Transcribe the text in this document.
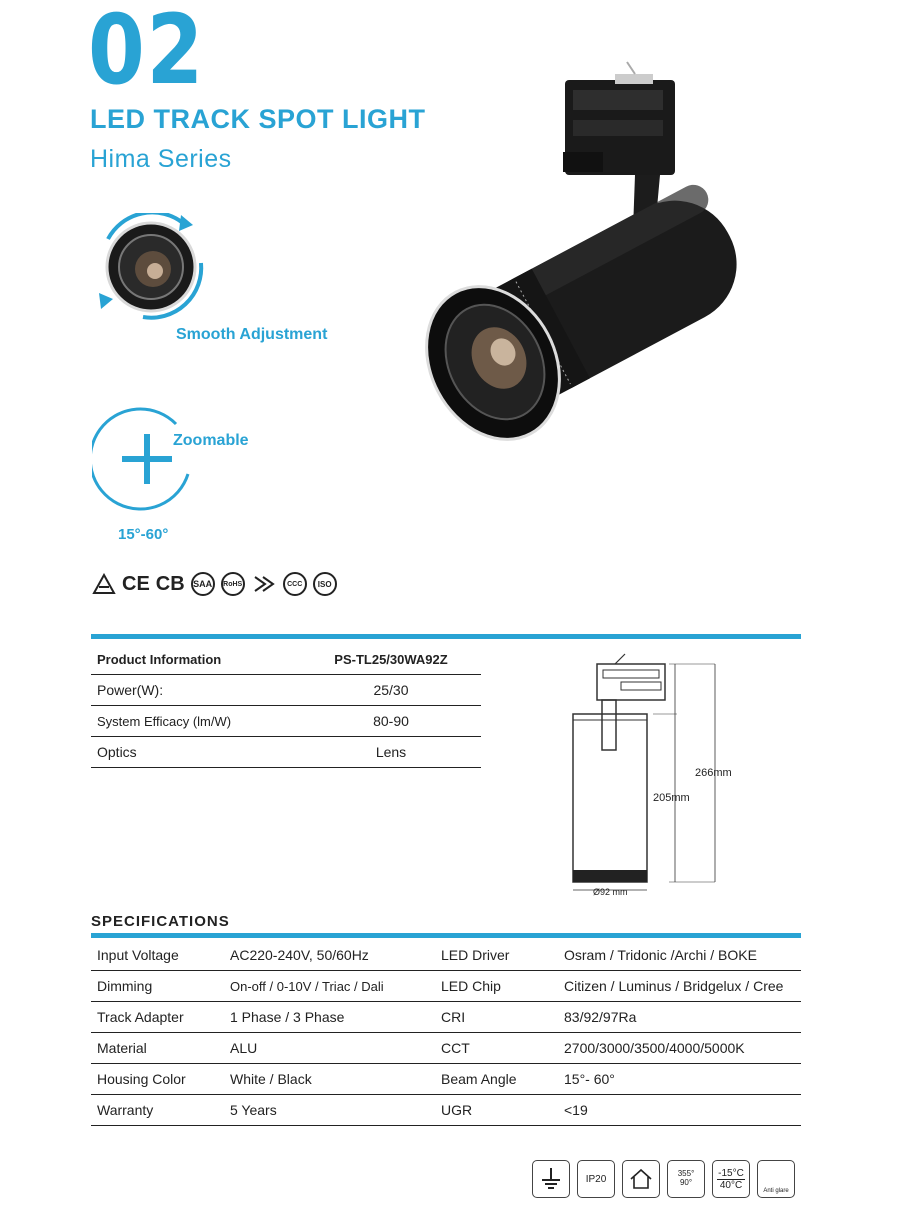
02
LED TRACK SPOT LIGHT
Hima Series
Smooth Adjustment
Zoomable
15°-60°
CE CB SAA	RoHS	CCC	ISO
Product Information	PS-TL25/30WA92Z
Power(W):	25/30
System Efficacy (lm/W)	80-90
Optics	Lens
266mm
205mm
Ø92 mm
SPECIFICATIONS
Input Voltage	AC220-240V, 50/60Hz	LED Driver	Osram / Tridonic /Archi / BOKE
Dimming	On-off / 0-10V / Triac / Dali	LED Chip	Citizen / Luminus / Bridgelux / Cree
Track Adapter	1 Phase / 3 Phase	CRI	83/92/97Ra
Material	ALU	CCT	2700/3000/3500/4000/5000K
Housing Color	White / Black	Beam Angle	15°- 60°
Warranty	5 Years	UGR	<19
IP20	355°
90°
-15°C
40°C
Anti glare
